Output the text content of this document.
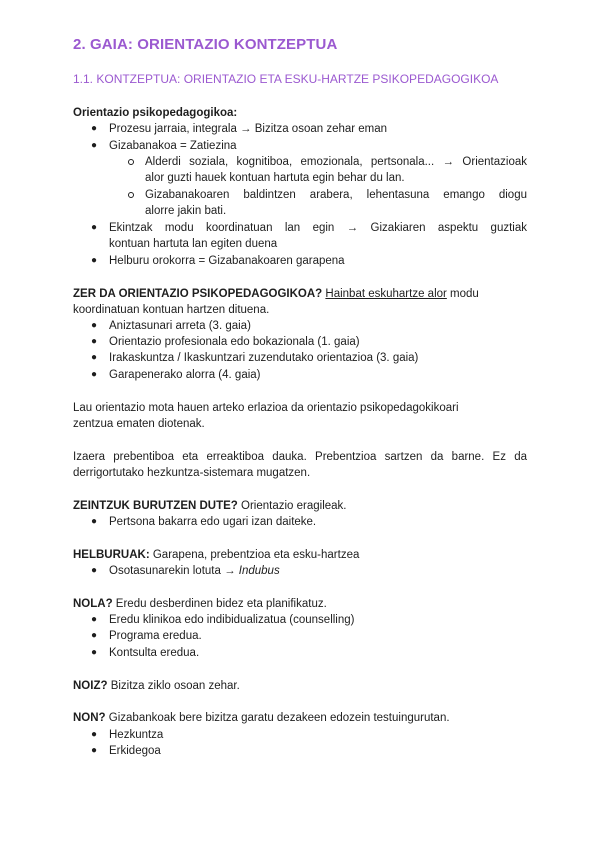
2. GAIA: ORIENTAZIO KONTZEPTUA
1.1. KONTZEPTUA: ORIENTAZIO ETA ESKU-HARTZE PSIKOPEDAGOGIKOA
Orientazio psikopedagogikoa:
● Prozesu jarraia, integrala → Bizitza osoan zehar eman
● Gizabanakoa = Zatiezina
Alderdi soziala, kognitiboa, emozionala, pertsonala... → Orientazioak
alor guzti hauek kontuan hartuta egin behar du lan.
Gizabanakoaren baldintzen arabera, lehentasuna emango diogu
alorre jakin bati.
● Ekintzak modu koordinatuan lan egin → Gizakiaren aspektu guztiak
kontuan hartuta lan egiten duena
● Helburu orokorra = Gizabanakoaren garapena
ZER DA ORIENTAZIO PSIKOPEDAGOGIKOA? Hainbat eskuhartze alor modu
koordinatuan kontuan hartzen dituena.
● Aniztasunari arreta (3. gaia)
● Orientazio profesionala edo bokazionala (1. gaia)
● Irakaskuntza / Ikaskuntzari zuzendutako orientazioa (3. gaia)
● Garapenerako alorra (4. gaia)
Lau orientazio mota hauen arteko erlazioa da orientazio psikopedagokikoari
zentzua ematen diotenak.
Izaera prebentiboa eta erreaktiboa dauka. Prebentzioa sartzen da barne. Ez da
derrigortutako hezkuntza-sistemara mugatzen.
ZEINTZUK BURUTZEN DUTE? Orientazio eragileak.
● Pertsona bakarra edo ugari izan daiteke.
HELBURUAK: Garapena, prebentzioa eta esku-hartzea
● Osotasunarekin lotuta → Indubus
NOLA? Eredu desberdinen bidez eta planifikatuz.
● Eredu klinikoa edo indibidualizatua (counselling)
● Programa eredua.
● Kontsulta eredua.
NOIZ? Bizitza ziklo osoan zehar.
NON? Gizabankoak bere bizitza garatu dezakeen edozein testuingurutan.
● Hezkuntza
● Erkidegoa
